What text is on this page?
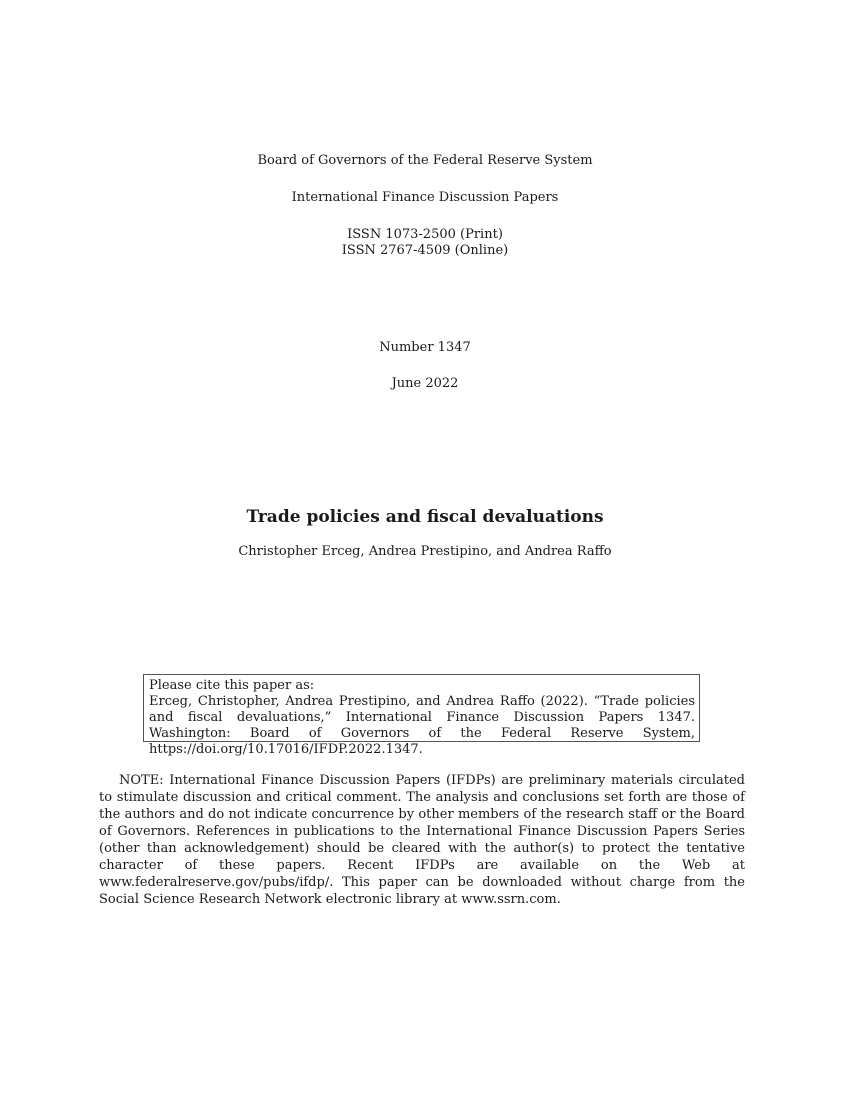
Board of Governors of the Federal Reserve System
International Finance Discussion Papers
ISSN 1073-2500 (Print)
ISSN 2767-4509 (Online)
Number 1347
June 2022
Trade policies and fiscal devaluations
Christopher Erceg, Andrea Prestipino, and Andrea Raffo
Please cite this paper as:
Erceg, Christopher, Andrea Prestipino, and Andrea Raffo (2022). “Trade policies and fiscal devaluations,” International Finance Discussion Papers 1347. Washington: Board of Governors of the Federal Reserve System, https://doi.org/10.17016/IFDP.2022.1347.
NOTE: International Finance Discussion Papers (IFDPs) are preliminary materials circulated to stimulate discussion and critical comment. The analysis and conclusions set forth are those of the authors and do not indicate concurrence by other members of the research staff or the Board of Governors. References in publications to the International Finance Discussion Papers Series (other than acknowledgement) should be cleared with the author(s) to protect the tentative character of these papers. Recent IFDPs are available on the Web at www.federalreserve.gov/pubs/ifdp/. This paper can be downloaded without charge from the Social Science Research Network electronic library at www.ssrn.com.
